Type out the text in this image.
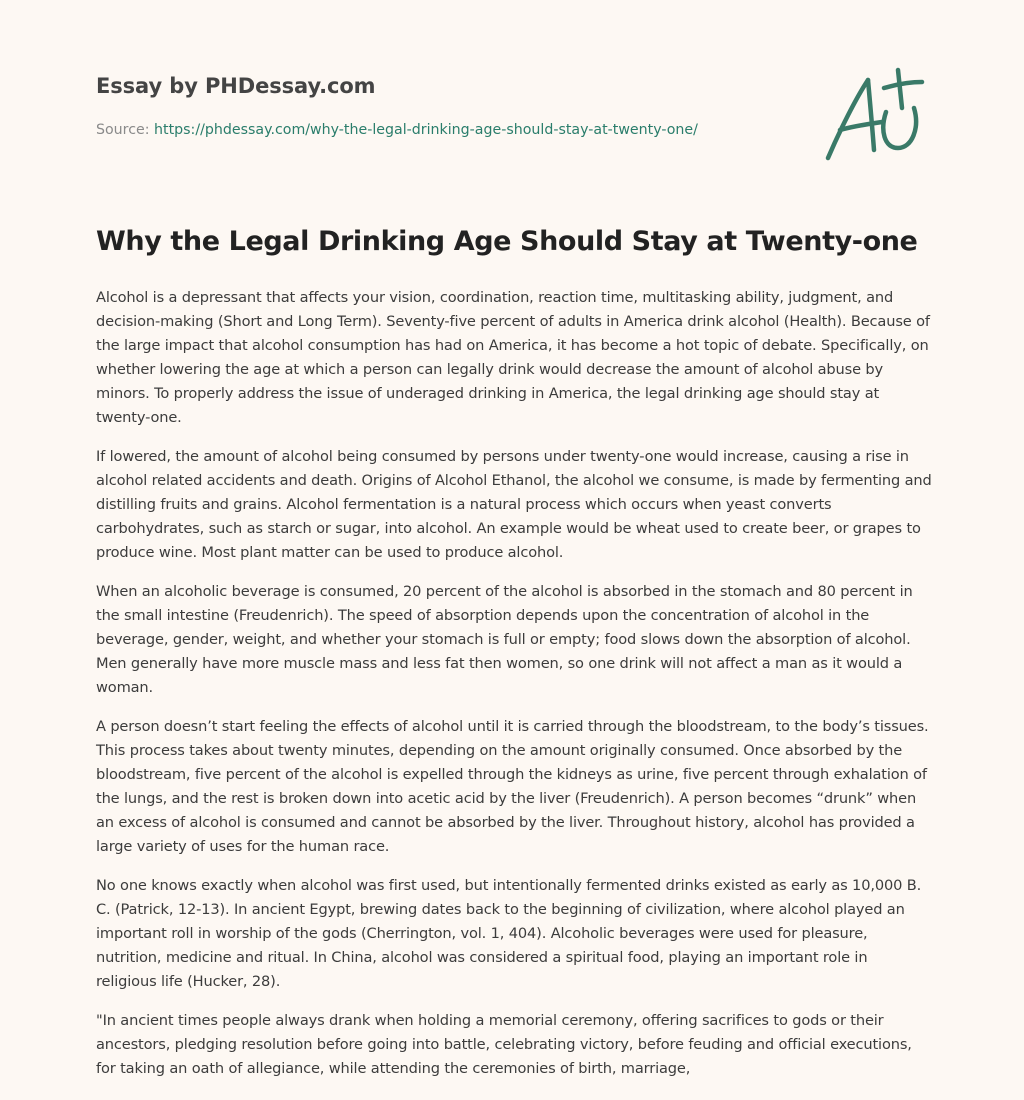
Essay by PHDessay.com
Source: https://phdessay.com/why-the-legal-drinking-age-should-stay-at-twenty-one/
Why the Legal Drinking Age Should Stay at Twenty-one

Alcohol is a depressant that affects your vision, coordination, reaction time, multitasking ability, judgment, and decision-making (Short and Long Term). Seventy-five percent of adults in America drink alcohol (Health). Because of the large impact that alcohol consumption has had on America, it has become a hot topic of debate. Specifically, on whether lowering the age at which a person can legally drink would decrease the amount of alcohol abuse by minors. To properly address the issue of underaged drinking in America, the legal drinking age should stay at twenty-one.

If lowered, the amount of alcohol being consumed by persons under twenty-one would increase, causing a rise in alcohol related accidents and death. Origins of Alcohol Ethanol, the alcohol we consume, is made by fermenting and distilling fruits and grains. Alcohol fermentation is a natural process which occurs when yeast converts carbohydrates, such as starch or sugar, into alcohol. An example would be wheat used to create beer, or grapes to produce wine. Most plant matter can be used to produce alcohol.

When an alcoholic beverage is consumed, 20 percent of the alcohol is absorbed in the stomach and 80 percent in the small intestine (Freudenrich). The speed of absorption depends upon the concentration of alcohol in the beverage, gender, weight, and whether your stomach is full or empty; food slows down the absorption of alcohol. Men generally have more muscle mass and less fat then women, so one drink will not affect a man as it would a woman.

A person doesn’t start feeling the effects of alcohol until it is carried through the bloodstream, to the body’s tissues. This process takes about twenty minutes, depending on the amount originally consumed. Once absorbed by the bloodstream, five percent of the alcohol is expelled through the kidneys as urine, five percent through exhalation of the lungs, and the rest is broken down into acetic acid by the liver (Freudenrich). A person becomes “drunk” when an excess of alcohol is consumed and cannot be absorbed by the liver. Throughout history, alcohol has provided a large variety of uses for the human race.

No one knows exactly when alcohol was first used, but intentionally fermented drinks existed as early as 10,000 B. C. (Patrick, 12-13). In ancient Egypt, brewing dates back to the beginning of civilization, where alcohol played an important roll in worship of the gods (Cherrington, vol. 1, 404). Alcoholic beverages were used for pleasure, nutrition, medicine and ritual. In China, alcohol was considered a spiritual food, playing an important role in religious life (Hucker, 28).

"In ancient times people always drank when holding a memorial ceremony, offering sacrifices to gods or their ancestors, pledging resolution before going into battle, celebrating victory, before feuding and official executions, for taking an oath of allegiance, while attending the ceremonies of birth, marriage,
